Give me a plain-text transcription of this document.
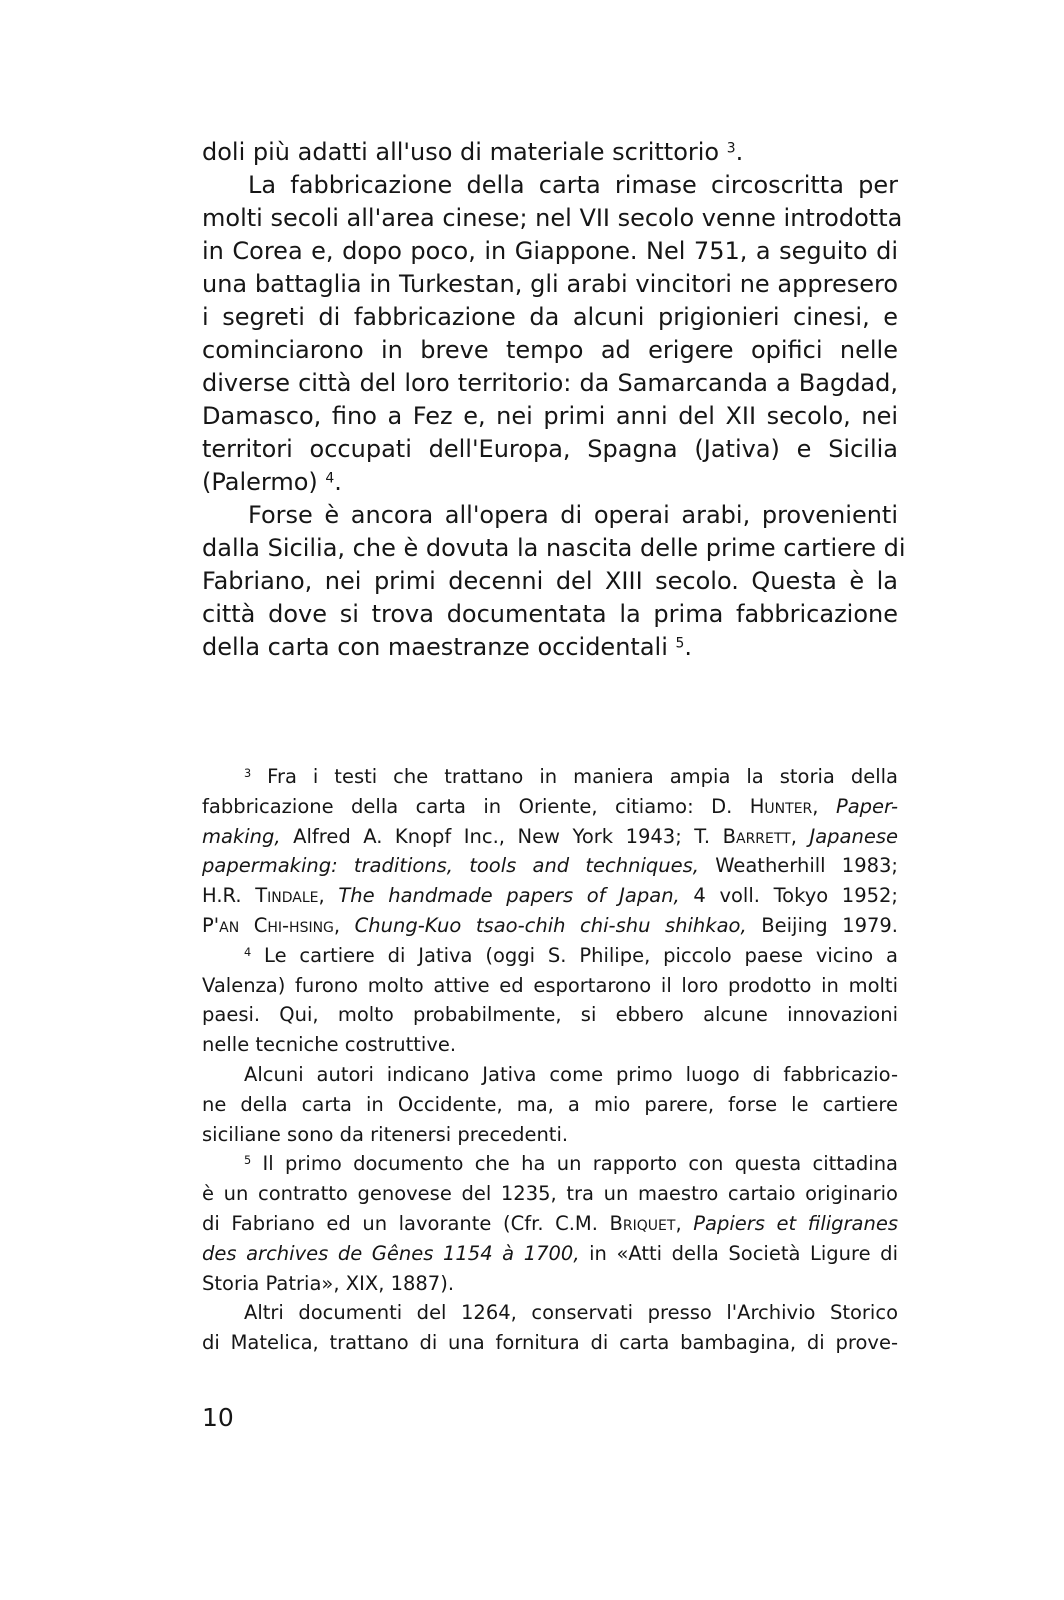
doli più adatti all'uso di materiale scrittorio $^3$.
La fabbricazione della carta rimase circoscritta per
molti secoli all'area cinese; nel VII secolo venne introdotta
in Corea e, dopo poco, in Giappone. Nel 751, a seguito di
una battaglia in Turkestan, gli arabi vincitori ne appresero
i segreti di fabbricazione da alcuni prigionieri cinesi, e
cominciarono in breve tempo ad erigere opifici nelle
diverse città del loro territorio: da Samarcanda a Bagdad,
Damasco, fino a Fez e, nei primi anni del XII secolo, nei
territori occupati dell'Europa, Spagna (Jativa) e Sicilia
(Palermo) $^4$.
Forse è ancora all'opera di operai arabi, provenienti
dalla Sicilia, che è dovuta la nascita delle prime cartiere di
Fabriano, nei primi decenni del XIII secolo. Questa è la
città dove si trova documentata la prima fabbricazione
della carta con maestranze occidentali $^5$.
$^3$ Fra i testi che trattano in maniera ampia la storia della
fabbricazione della carta in Oriente, citiamo: D. Hunter, Paper-
making, Alfred A. Knopf Inc., New York 1943; T. Barrett, Japanese
papermaking: traditions, tools and techniques, Weatherhill 1983;
H.R. Tindale, The handmade papers of Japan, 4 voll. Tokyo 1952;
P'an Chi-hsing, Chung-Kuo tsao-chih chi-shu shihkao, Beijing 1979.
$^4$ Le cartiere di Jativa (oggi S. Philipe, piccolo paese vicino a
Valenza) furono molto attive ed esportarono il loro prodotto in molti
paesi. Qui, molto probabilmente, si ebbero alcune innovazioni
nelle tecniche costruttive.
Alcuni autori indicano Jativa come primo luogo di fabbricazio-
ne della carta in Occidente, ma, a mio parere, forse le cartiere
siciliane sono da ritenersi precedenti.
$^5$ Il primo documento che ha un rapporto con questa cittadina
è un contratto genovese del 1235, tra un maestro cartaio originario
di Fabriano ed un lavorante (Cfr. C.M. Briquet, Papiers et filigranes
des archives de Gênes 1154 à 1700, in «Atti della Società Ligure di
Storia Patria», XIX, 1887).
Altri documenti del 1264, conservati presso l'Archivio Storico
di Matelica, trattano di una fornitura di carta bambagina, di prove-
10
